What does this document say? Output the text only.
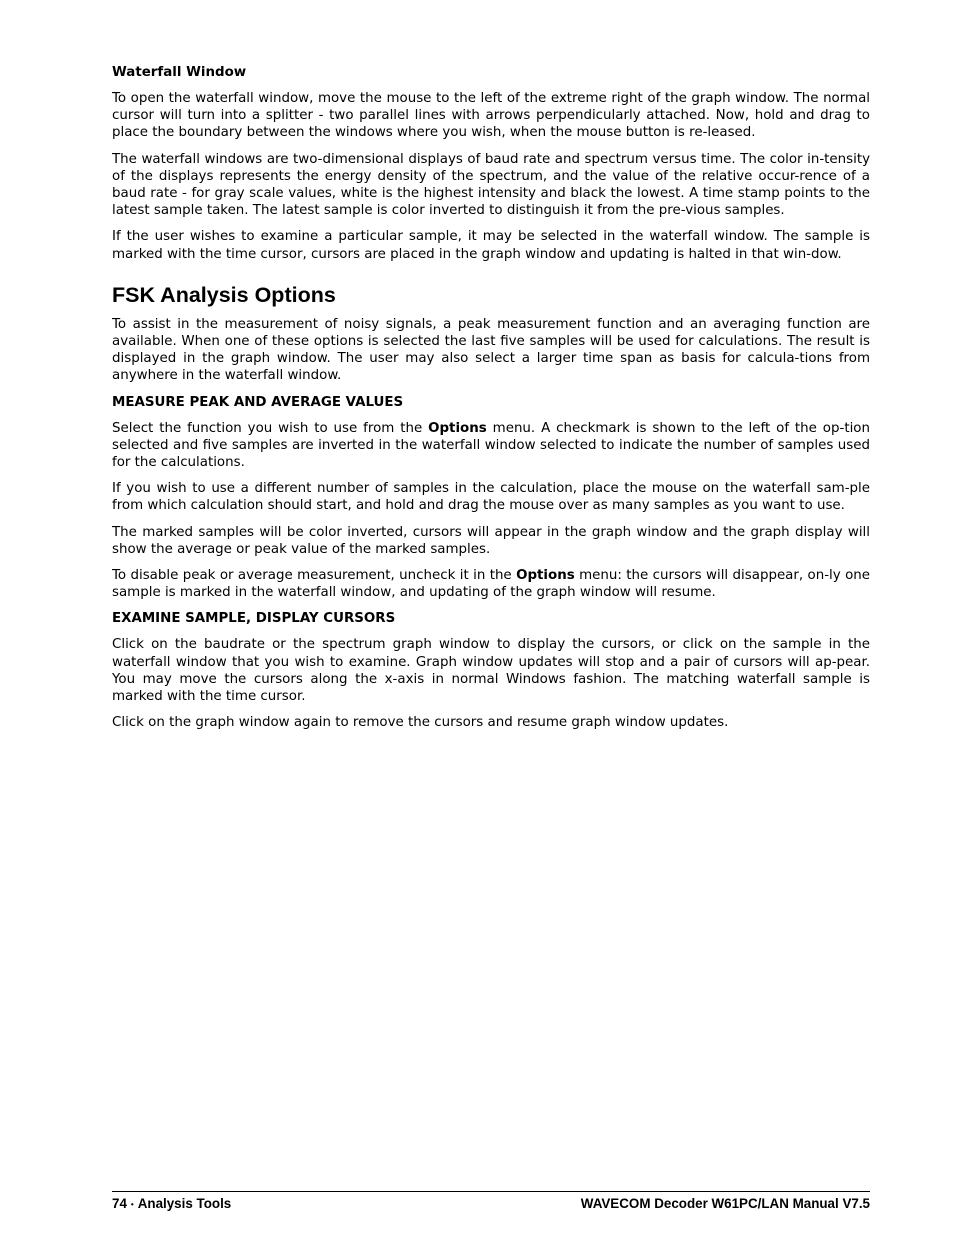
Waterfall Window

To open the waterfall window, move the mouse to the left of the extreme right of the graph window. The normal cursor will turn into a splitter - two parallel lines with arrows perpendicularly attached. Now, hold and drag to place the boundary between the windows where you wish, when the mouse button is re-leased.

The waterfall windows are two-dimensional displays of baud rate and spectrum versus time. The color in-tensity of the displays represents the energy density of the spectrum, and the value of the relative occur-rence of a baud rate - for gray scale values, white is the highest intensity and black the lowest. A time stamp points to the latest sample taken. The latest sample is color inverted to distinguish it from the pre-vious samples.

If the user wishes to examine a particular sample, it may be selected in the waterfall window. The sample is marked with the time cursor, cursors are placed in the graph window and updating is halted in that win-dow.

FSK Analysis Options

To assist in the measurement of noisy signals, a peak measurement function and an averaging function are available. When one of these options is selected the last five samples will be used for calculations. The result is displayed in the graph window. The user may also select a larger time span as basis for calcula-tions from anywhere in the waterfall window.

MEASURE PEAK AND AVERAGE VALUES

Select the function you wish to use from the Options menu. A checkmark is shown to the left of the op-tion selected and five samples are inverted in the waterfall window selected to indicate the number of samples used for the calculations.

If you wish to use a different number of samples in the calculation, place the mouse on the waterfall sam-ple from which calculation should start, and hold and drag the mouse over as many samples as you want to use.

The marked samples will be color inverted, cursors will appear in the graph window and the graph display will show the average or peak value of the marked samples.

To disable peak or average measurement, uncheck it in the Options menu: the cursors will disappear, on-ly one sample is marked in the waterfall window, and updating of the graph window will resume.

EXAMINE SAMPLE, DISPLAY CURSORS

Click on the baudrate or the spectrum graph window to display the cursors, or click on the sample in the waterfall window that you wish to examine. Graph window updates will stop and a pair of cursors will ap-pear. You may move the cursors along the x-axis in normal Windows fashion. The matching waterfall sample is marked with the time cursor.

Click on the graph window again to remove the cursors and resume graph window updates.

74 • Analysis Tools	WAVECOM Decoder W61PC/LAN Manual V7.5
